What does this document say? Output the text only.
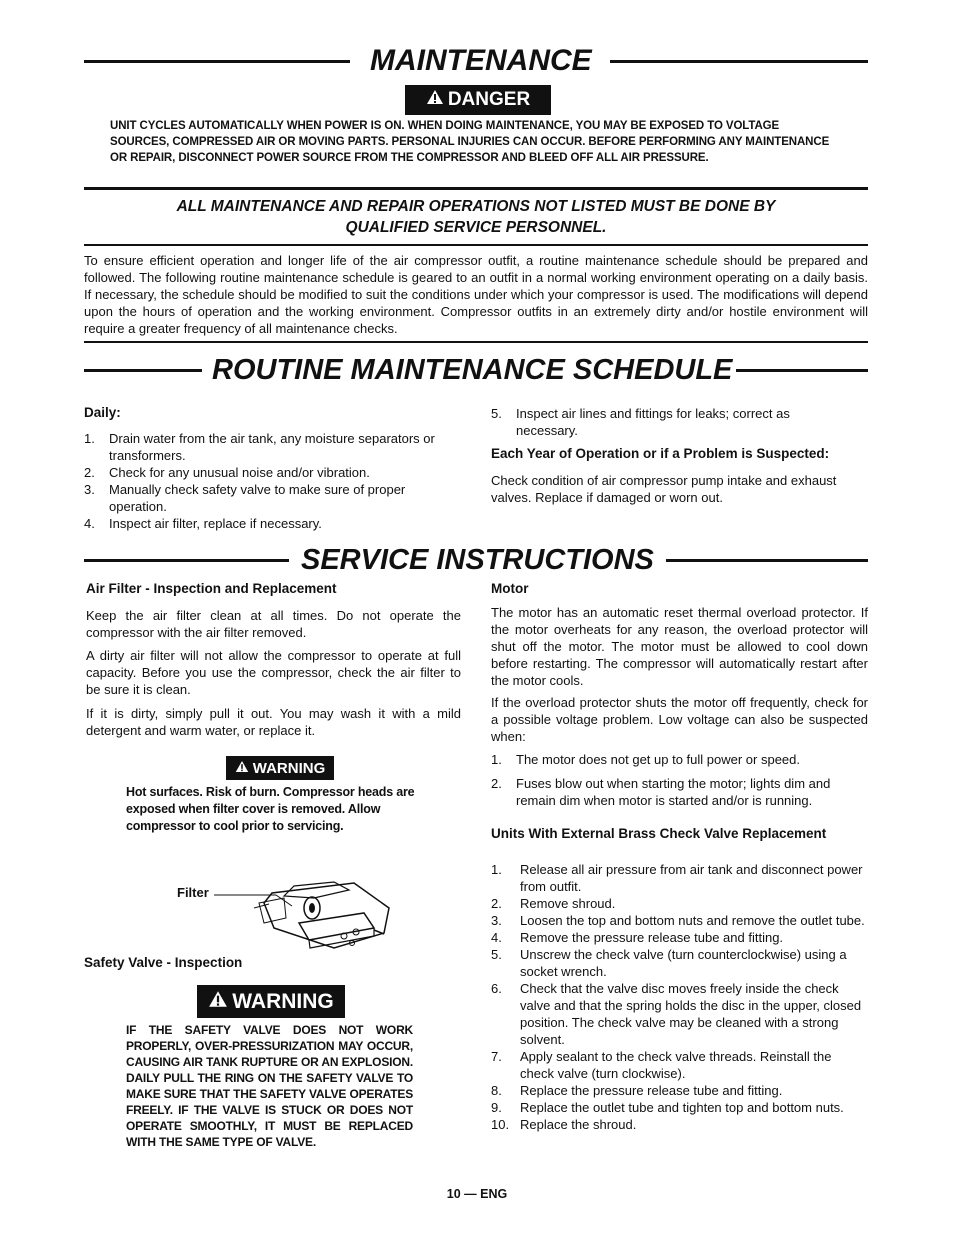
MAINTENANCE
DANGER
UNIT CYCLES AUTOMATICALLY WHEN POWER IS ON. WHEN DOING MAINTENANCE, YOU MAY BE EXPOSED TO VOLTAGE SOURCES, COMPRESSED AIR OR MOVING PARTS. PERSONAL INJURIES CAN OCCUR. BEFORE PERFORMING ANY MAINTENANCE OR REPAIR, DISCONNECT POWER SOURCE FROM THE COMPRESSOR AND BLEED OFF ALL AIR PRESSURE.
ALL MAINTENANCE AND REPAIR OPERATIONS NOT LISTED MUST BE DONE BY
QUALIFIED SERVICE PERSONNEL.
To ensure efficient operation and longer life of the air compressor outfit, a routine maintenance schedule should be prepared and followed. The following routine maintenance schedule is geared to an outfit in a normal working environment operating on a daily basis. If necessary, the schedule should be modified to suit the conditions under which your compressor is used. The modifications will depend upon the hours of operation and the working environment. Compressor outfits in an extremely dirty and/or hostile environment will require a greater frequency of all maintenance checks.
ROUTINE MAINTENANCE SCHEDULE
Daily:
1.	Drain water from the air tank, any moisture separators or transformers.
2.	Check for any unusual noise and/or vibration.
3.	Manually check safety valve to make sure of proper operation.
4.	Inspect air filter, replace if necessary.
5.	Inspect air lines and fittings for leaks; correct as necessary.
Each Year of Operation or if a Problem is Suspected:
Check condition of air compressor pump intake and exhaust valves. Replace if damaged or worn out.
SERVICE INSTRUCTIONS
Air Filter - Inspection and Replacement
Keep the air filter clean at all times. Do not operate the compressor with the air filter removed.
A dirty air filter will not allow the compressor to operate at full capacity. Before you use the compressor, check the air filter to be sure it is clean.
If it is dirty, simply pull it out. You may wash it with a mild detergent and warm water, or replace it.
WARNING
Hot surfaces. Risk of burn. Compressor heads are exposed when filter cover is removed. Allow compressor to cool prior to servicing.
Filter
Safety Valve - Inspection
WARNING
IF THE SAFETY VALVE DOES NOT WORK PROPERLY, OVER-PRESSURIZATION MAY OCCUR, CAUSING AIR TANK RUPTURE OR AN EXPLOSION. DAILY PULL THE RING ON THE SAFETY VALVE TO MAKE SURE THAT THE SAFETY VALVE OPERATES FREELY. IF THE VALVE IS STUCK OR DOES NOT OPERATE SMOOTHLY, IT MUST BE REPLACED WITH THE SAME TYPE OF VALVE.
Motor
The motor has an automatic reset thermal overload protector. If the motor overheats for any reason, the overload protector will shut off the motor. The motor must be allowed to cool down before restarting. The compressor will automatically restart after the motor cools.
If the overload protector shuts the motor off frequently, check for a possible voltage problem. Low voltage can also be suspected when:
1.	The motor does not get up to full power or speed.
2.	Fuses blow out when starting the motor; lights dim and remain dim when motor is started and/or is running.
Units With External Brass Check Valve Replacement
1.	Release all air pressure from air tank and disconnect power from outfit.
2.	Remove shroud.
3.	Loosen the top and bottom nuts and remove the outlet tube.
4.	Remove the pressure release tube and fitting.
5.	Unscrew the check valve (turn counterclockwise) using a socket wrench.
6.	Check that the valve disc moves freely inside the check valve and that the spring holds the disc in the upper, closed position. The check valve may be cleaned with a strong solvent.
7.	Apply sealant to the check valve threads. Reinstall the check valve (turn clockwise).
8.	Replace the pressure release tube and fitting.
9.	Replace the outlet tube and tighten top and bottom nuts.
10. Replace the shroud.
10 — ENG
